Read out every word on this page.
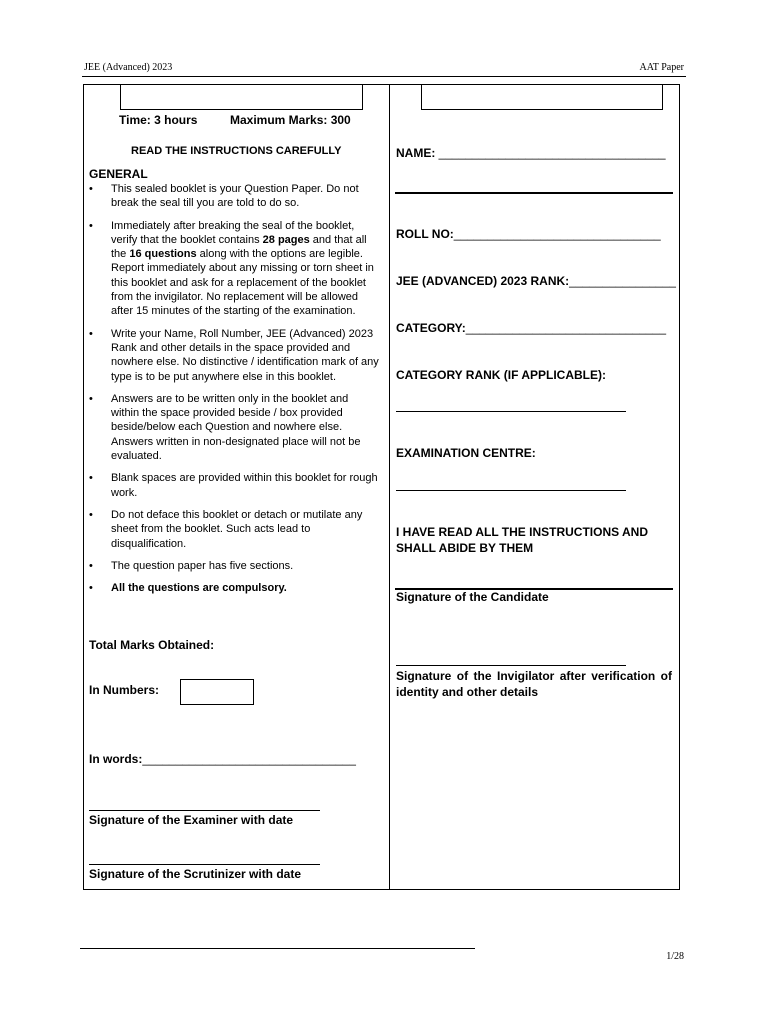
JEE (Advanced) 2023	AAT Paper
Time: 3 hours	Maximum Marks: 300
READ THE INSTRUCTIONS CAREFULLY
GENERAL
• This sealed booklet is your Question Paper. Do not break the seal till you are told to do so.
• Immediately after breaking the seal of the booklet, verify that the booklet contains 28 pages and that all the 16 questions along with the options are legible. Report immediately about any missing or torn sheet in this booklet and ask for a replacement of the booklet from the invigilator. No replacement will be allowed after 15 minutes of the starting of the examination.
• Write your Name, Roll Number, JEE (Advanced) 2023 Rank and other details in the space provided and nowhere else. No distinctive / identification mark of any type is to be put anywhere else in this booklet.
• Answers are to be written only in the booklet and within the space provided beside / box provided beside/below each Question and nowhere else. Answers written in non-designated place will not be evaluated.
• Blank spaces are provided within this booklet for rough work.
• Do not deface this booklet or detach or mutilate any sheet from the booklet. Such acts lead to disqualification.
• The question paper has five sections.
• All the questions are compulsory.
Total Marks Obtained:
In Numbers:
In words:________________________________
Signature of the Examiner with date
Signature of the Scrutinizer with date
NAME: __________________________________
ROLL NO:_______________________________
JEE (ADVANCED) 2023 RANK:________________
CATEGORY:______________________________
CATEGORY RANK (IF APPLICABLE):
EXAMINATION CENTRE:
I HAVE READ ALL THE INSTRUCTIONS AND SHALL ABIDE BY THEM
Signature of the Candidate
Signature of the Invigilator after verification of identity and other details
1/28
